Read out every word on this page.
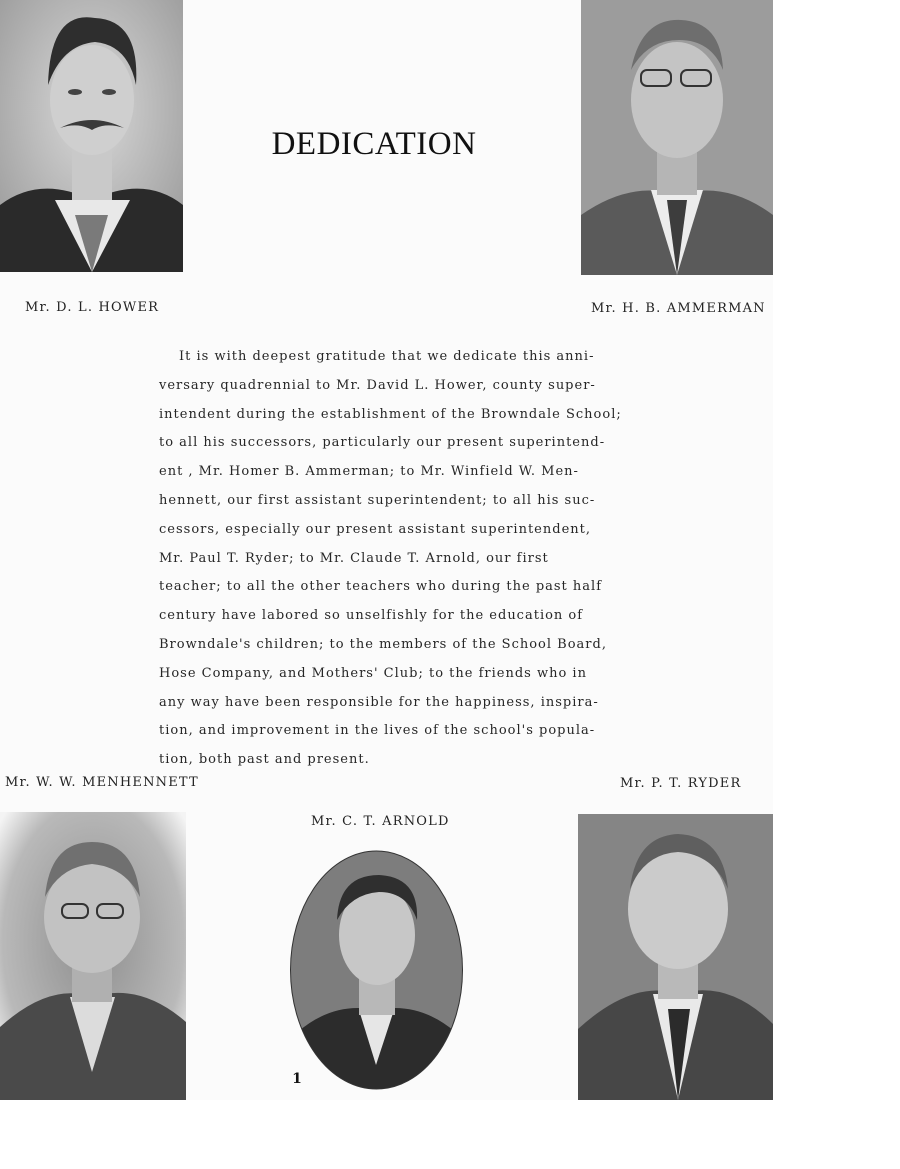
Mr. D. L. HOWER	Mr. H. B. AMMERMAN
DEDICATION

It is with deepest gratitude that we dedicate this anni-
versary quadrennial to Mr. David L. Hower, county super-
intendent during the establishment of the Browndale School;
to all his successors, particularly our present superintend-
ent , Mr. Homer B. Ammerman; to Mr. Winfield W. Men-
hennett, our first assistant superintendent; to all his suc-
cessors, especially our present assistant superintendent,
Mr. Paul T. Ryder; to Mr. Claude T. Arnold, our first
teacher; to all the other teachers who during the past half
century have labored so unselfishly for the education of
Browndale's children; to the members of the School Board,
Hose Company, and Mothers' Club; to the friends who in
any way have been responsible for the happiness, inspira-
tion, and improvement in the lives of the school's popula-
tion, both past and present.

Mr. W. W. MENHENNETT	Mr. P. T. RYDER
Mr. C. T. ARNOLD
1
